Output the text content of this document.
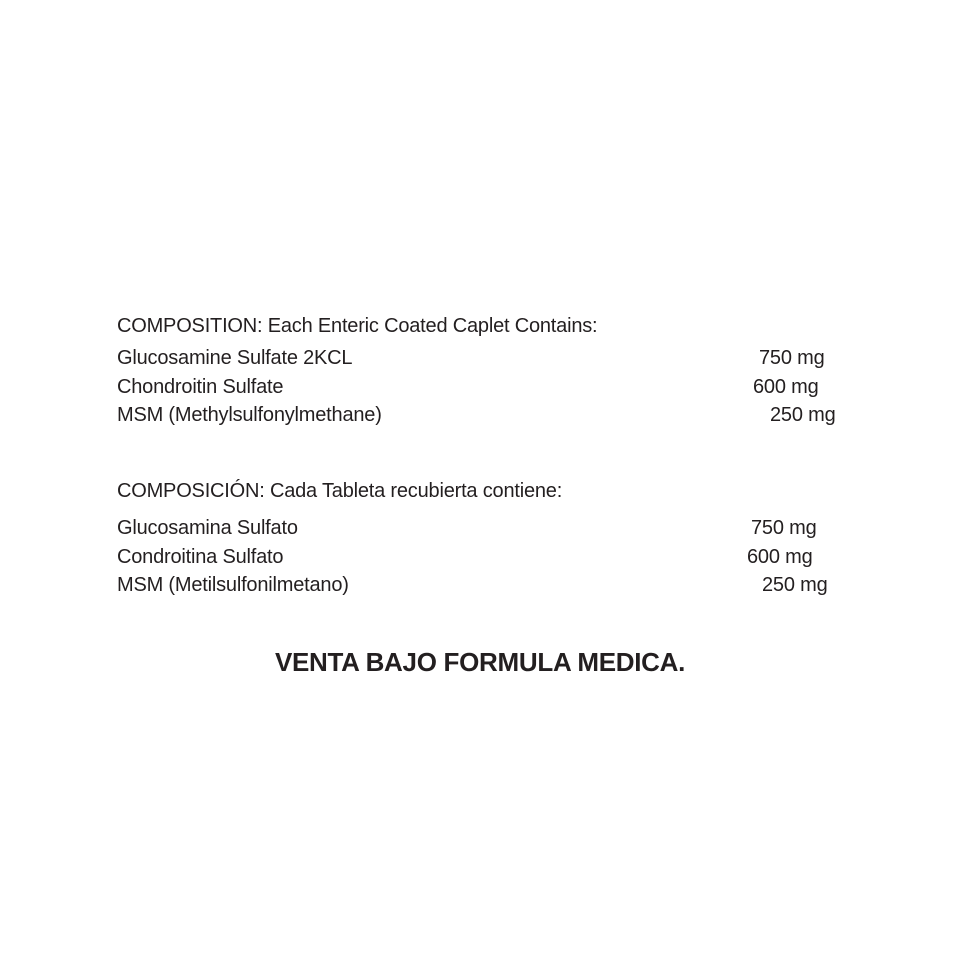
COMPOSITION: Each Enteric Coated Caplet Contains:
Glucosamine Sulfate 2KCL	750 mg
Chondroitin Sulfate	600 mg
MSM (Methylsulfonylmethane)	250 mg
COMPOSICIÓN: Cada Tableta recubierta contiene:
Glucosamina Sulfato	750 mg
Condroitina Sulfato	600 mg
MSM (Metilsulfonilmetano)	250 mg
VENTA BAJO FORMULA MEDICA.
